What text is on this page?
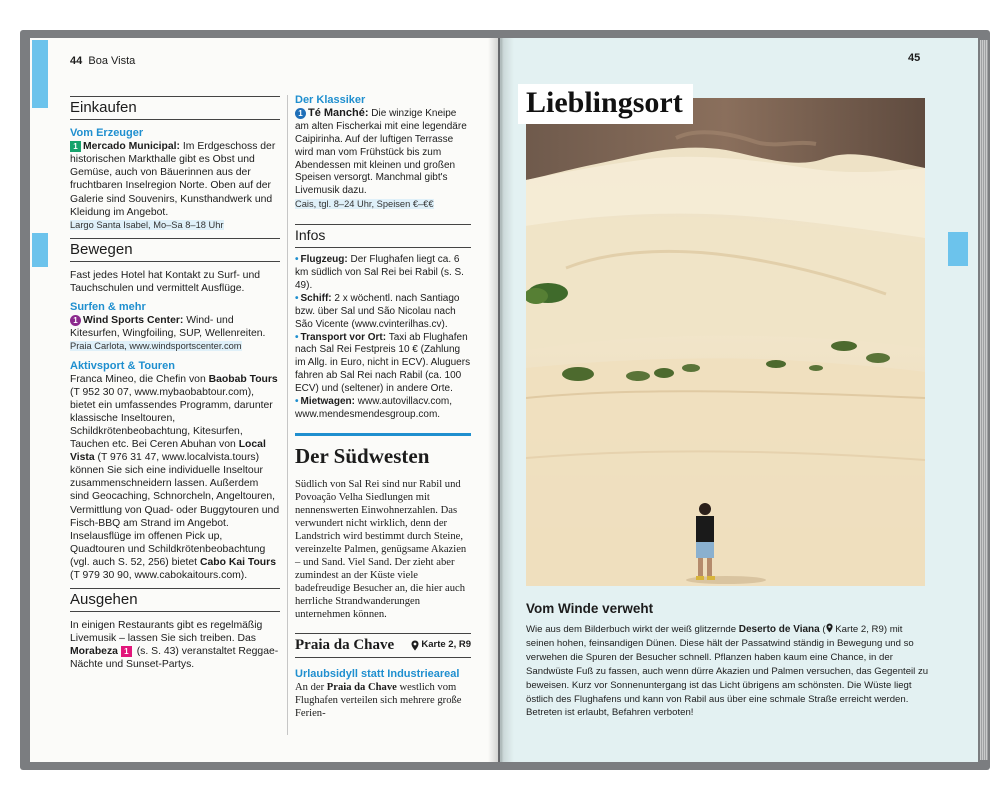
44 Boa Vista
Einkaufen
Vom Erzeuger

1 Mercado Municipal: Im Erdgeschoss der historischen Markthalle gibt es Obst und Gemüse, auch von Bäuerinnen aus der fruchtbaren Inselregion Norte. Oben auf der Galerie sind Souvenirs, Kunsthandwerk und Kleidung im Angebot.

Largo Santa Isabel, Mo–Sa 8–18 Uhr

Bewegen

Fast jedes Hotel hat Kontakt zu Surf- und Tauchschulen und vermittelt Ausflüge.

Surfen & mehr

1 Wind Sports Center: Wind- und Kitesurfen, Wingfoiling, SUP, Wellenreiten.

Praia Carlota, www.windsportscenter.com

Aktivsport & Touren

Franca Mineo, die Chefin von Baobab Tours (T 952 30 07, www.mybaobabtour.com), bietet ein umfassendes Programm, darunter klassische Inseltouren, Schildkrötenbeobachtung, Kitesurfen, Tauchen etc. Bei Ceren Abuhan von Local Vista (T 976 31 47, www.localvista.tours) können Sie sich eine individuelle Inseltour zusammenschneidern lassen. Außerdem sind Geocaching, Schnorcheln, Angeltouren, Vermittlung von Quad- oder Buggytouren und Fisch-BBQ am Strand im Angebot. Inselausflüge im offenen Pick up, Quadtouren und Schildkrötenbeobachtung (vgl. auch S. 52, 256) bietet Cabo Kai Tours (T 979 30 90, www.cabokaitours.com).

Ausgehen

In einigen Restaurants gibt es regelmäßig Livemusik – lassen Sie sich treiben. Das Morabeza 1 (s. S. 43) veranstaltet Reggae-Nächte und Sunset-Partys.

Der Klassiker

1 Té Manché: Die winzige Kneipe am alten Fischerkai mit eine legendäre Caipirinha. Auf der luftigen Terrasse wird man vom Frühstück bis zum Abendessen mit kleinen und großen Speisen versorgt. Manchmal gibt's Livemusik dazu.

Cais, tgl. 8–24 Uhr, Speisen €–€€

Infos

• Flugzeug: Der Flughafen liegt ca. 6 km südlich von Sal Rei bei Rabil (s. S. 49).

• Schiff: 2 x wöchentl. nach Santiago bzw. über Sal und São Nicolau nach São Vicente (www.cvinterilhas.cv).

• Transport vor Ort: Taxi ab Flughafen nach Sal Rei Festpreis 10 € (Zahlung im Allg. in Euro, nicht in ECV). Aluguers fahren ab Sal Rei nach Rabil (ca. 100 ECV) und (seltener) in andere Orte.

• Mietwagen: www.autovillacv.com, www.mendesmendesgroup.com.

Der Südwesten

Südlich von Sal Rei sind nur Rabil und Povoação Velha Siedlungen mit nennenswerten Einwohnerzahlen. Das verwundert nicht wirklich, denn der Landstrich wird bestimmt durch Steine, vereinzelte Palmen, genügsame Akazien – und Sand. Viel Sand. Der zieht aber zumindest an der Küste viele badefreudige Besucher an, die hier auch herrliche Strandwanderungen unternehmen können.

Praia da Chave	Karte 2, R9
Urlaubsidyll statt Industrieareal

An der Praia da Chave westlich vom Flughafen verteilen sich mehrere große Ferien-

45
Lieblingsort
Vom Winde verweht

Wie aus dem Bilderbuch wirkt der weiß glitzernde Deserto de Viana ( Karte 2, R9) mit seinen hohen, feinsandigen Dünen. Diese hält der Passatwind ständig in Bewegung und so verwehen die Spuren der Besucher schnell. Pflanzen haben kaum eine Chance, in der Sandwüste Fuß zu fassen, auch wenn dürre Akazien und Palmen versuchen, das Gegenteil zu beweisen. Kurz vor Sonnenuntergang ist das Licht übrigens am schönsten. Die Wüste liegt östlich des Flughafens und kann von Rabil aus über eine schmale Straße erreicht werden. Betreten ist erlaubt, Befahren verboten!
